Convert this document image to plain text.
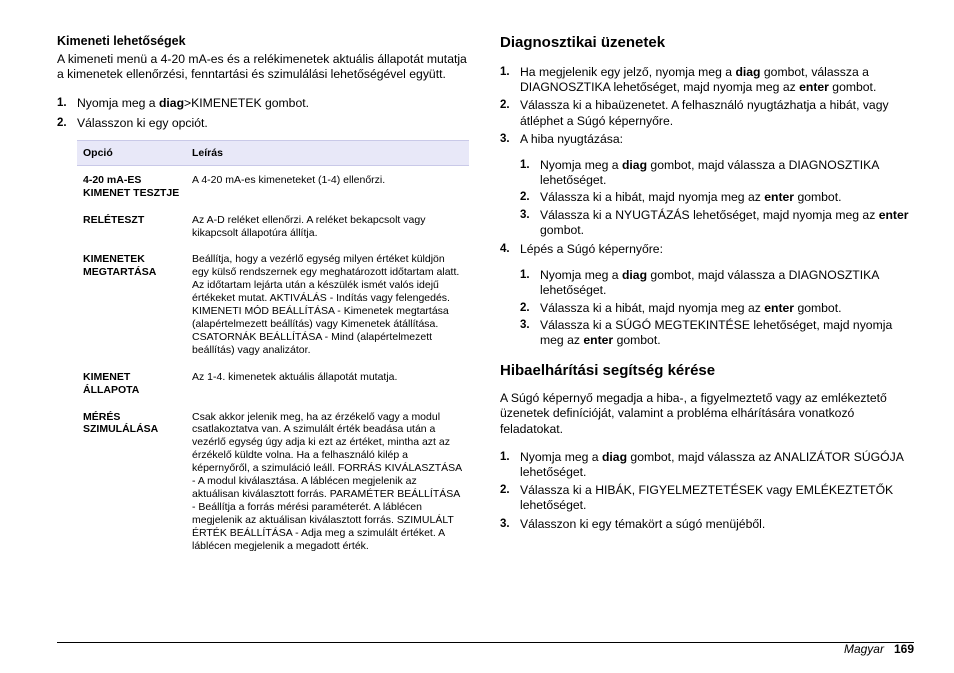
Kimeneti lehetőségek

A kimeneti menü a 4-20 mA-es és a relékimenetek aktuális állapotát mutatja a kimenetek ellenőrzési, fenntartási és szimulálási lehetőségével együtt.

1. Nyomja meg a diag>KIMENETEK gombot.
2. Válasszon ki egy opciót.
Opció	Leírás
4-20 mA-ES KIMENET TESZTJE	A 4-20 mA-es kimeneteket (1-4) ellenőrzi.
RELÉTESZT	Az A-D reléket ellenőrzi. A reléket bekapcsolt vagy kikapcsolt állapotúra állítja.
KIMENETEK MEGTARTÁSA	Beállítja, hogy a vezérlő egység milyen értéket küldjön egy külső rendszernek egy meghatározott időtartam alatt. Az időtartam lejárta után a készülék ismét valós idejű értékeket mutat. AKTIVÁLÁS - Indítás vagy felengedés. KIMENETI MÓD BEÁLLÍTÁSA - Kimenetek megtartása (alapértelmezett beállítás) vagy Kimenetek átállítása. CSATORNÁK BEÁLLÍTÁSA - Mind (alapértelmezett beállítás) vagy analizátor.
KIMENET ÁLLAPOTA	Az 1-4. kimenetek aktuális állapotát mutatja.
MÉRÉS SZIMULÁLÁSA	Csak akkor jelenik meg, ha az érzékelő vagy a modul csatlakoztatva van. A szimulált érték beadása után a vezérlő egység úgy adja ki ezt az értéket, mintha azt az érzékelő küldte volna. Ha a felhasználó kilép a képernyőről, a szimuláció leáll. FORRÁS KIVÁLASZTÁSA - A modul kiválasztása. A láblécen megjelenik az aktuálisan kiválasztott forrás. PARAMÉTER BEÁLLÍTÁSA - Beállítja a forrás mérési paraméterét. A láblécen megjelenik az aktuálisan kiválasztott forrás. SZIMULÁLT ÉRTÉK BEÁLLÍTÁSA - Adja meg a szimulált értéket. A láblécen megjelenik a megadott érték.

Diagnosztikai üzenetek

1. Ha megjelenik egy jelző, nyomja meg a diag gombot, válassza a DIAGNOSZTIKA lehetőséget, majd nyomja meg az enter gombot.
2. Válassza ki a hibaüzenetet. A felhasználó nyugtázhatja a hibát, vagy átléphet a Súgó képernyőre.
3. A hiba nyugtázása:
1. Nyomja meg a diag gombot, majd válassza a DIAGNOSZTIKA lehetőséget.
2. Válassza ki a hibát, majd nyomja meg az enter gombot.
3. Válassza ki a NYUGTÁZÁS lehetőséget, majd nyomja meg az enter gombot.
4. Lépés a Súgó képernyőre:
1. Nyomja meg a diag gombot, majd válassza a DIAGNOSZTIKA lehetőséget.
2. Válassza ki a hibát, majd nyomja meg az enter gombot.
3. Válassza ki a SÚGÓ MEGTEKINTÉSE lehetőséget, majd nyomja meg az enter gombot.

Hibaelhárítási segítség kérése

A Súgó képernyő megadja a hiba-, a figyelmeztető vagy az emlékeztető üzenetek definícióját, valamint a probléma elhárítására vonatkozó feladatokat.

1. Nyomja meg a diag gombot, majd válassza az ANALIZÁTOR SÚGÓJA lehetőséget.
2. Válassza ki a HIBÁK, FIGYELMEZTETÉSEK vagy EMLÉKEZTETŐK lehetőséget.
3. Válasszon ki egy témakört a súgó menüjéből.
Magyar 169
